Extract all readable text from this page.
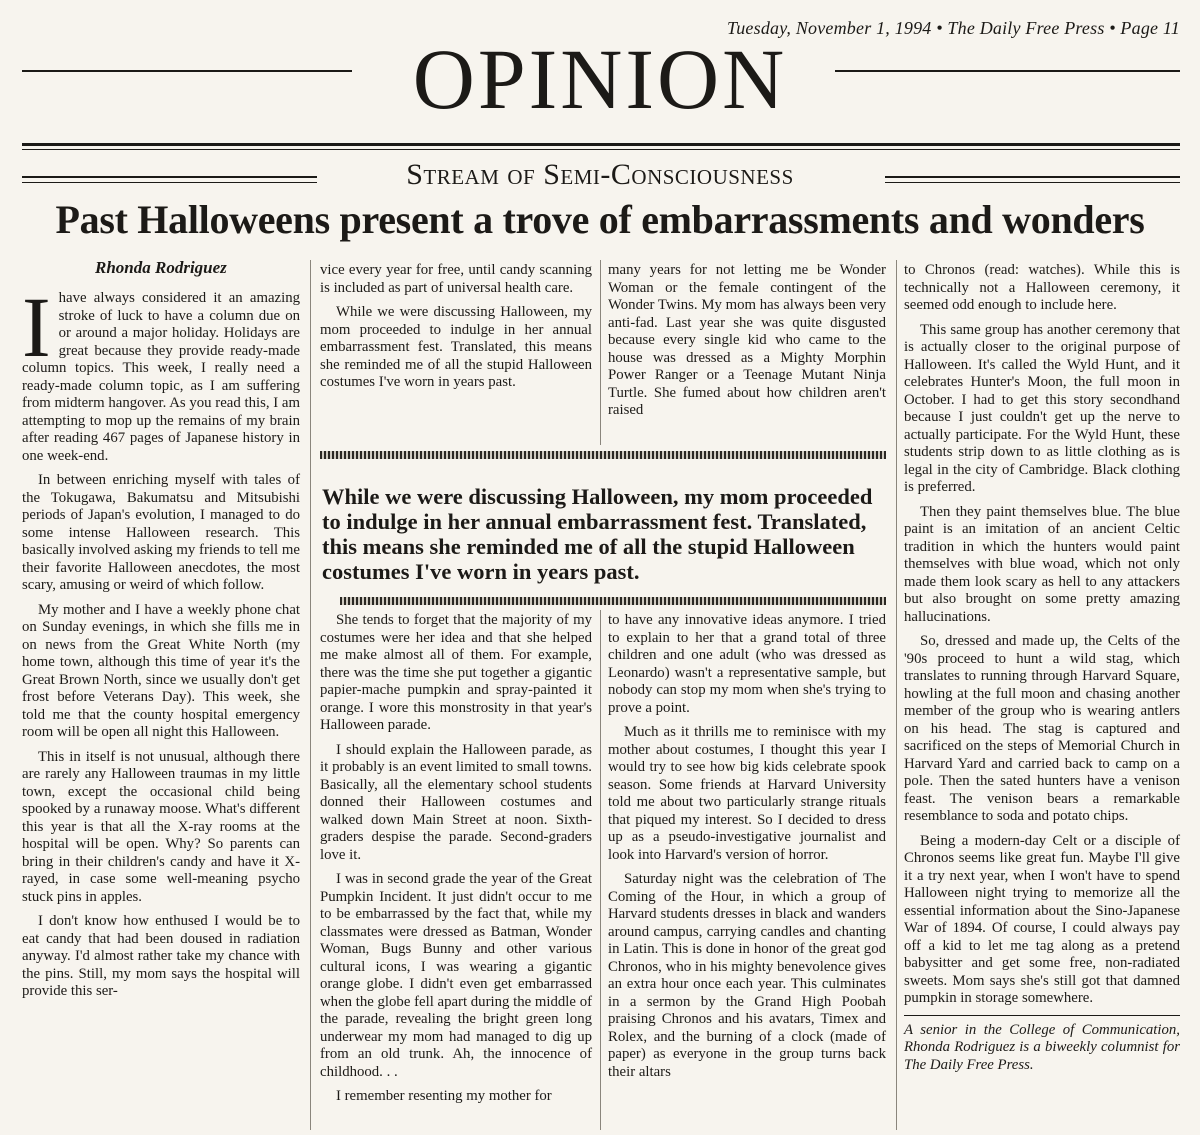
Tuesday, November 1, 1994 • The Daily Free Press • Page 11
OPINION
Stream of Semi-Consciousness
Past Halloweens present a trove of embarrassments and wonders
Rhonda Rodriguez

Ihave always considered it an amazing stroke of luck to have a column due on or around a major holiday. Holidays are great because they provide ready-made column topics. This week, I really need a ready-made column topic, as I am suffering from midterm hangover. As you read this, I am attempting to mop up the remains of my brain after reading 467 pages of Japanese history in one week-end.

In between enriching myself with tales of the Tokugawa, Bakumatsu and Mitsubishi periods of Japan's evolution, I managed to do some intense Halloween research. This basically involved asking my friends to tell me their favorite Halloween anecdotes, the most scary, amusing or weird of which follow.

My mother and I have a weekly phone chat on Sunday evenings, in which she fills me in on news from the Great White North (my home town, although this time of year it's the Great Brown North, since we usually don't get frost before Veterans Day). This week, she told me that the county hospital emergency room will be open all night this Halloween.

This in itself is not unusual, although there are rarely any Halloween traumas in my little town, except the occasional child being spooked by a runaway moose. What's different this year is that all the X-ray rooms at the hospital will be open. Why? So parents can bring in their children's candy and have it X-rayed, in case some well-meaning psycho stuck pins in apples.

I don't know how enthused I would be to eat candy that had been doused in radiation anyway. I'd almost rather take my chance with the pins. Still, my mom says the hospital will provide this ser-

vice every year for free, until candy scanning is included as part of universal health care.

While we were discussing Halloween, my mom proceeded to indulge in her annual embarrassment fest. Translated, this means she reminded me of all the stupid Halloween costumes I've worn in years past.

many years for not letting me be Wonder Woman or the female contingent of the Wonder Twins. My mom has always been very anti-fad. Last year she was quite disgusted because every single kid who came to the house was dressed as a Mighty Morphin Power Ranger or a Teenage Mutant Ninja Turtle. She fumed about how children aren't raised

While we were discussing Halloween, my mom proceeded to indulge in her annual embarrassment fest. Translated, this means she reminded me of all the stupid Halloween costumes I've worn in years past.

She tends to forget that the majority of my costumes were her idea and that she helped me make almost all of them. For example, there was the time she put together a gigantic papier-mache pumpkin and spray-painted it orange. I wore this monstrosity in that year's Halloween parade.

I should explain the Halloween parade, as it probably is an event limited to small towns. Basically, all the elementary school students donned their Halloween costumes and walked down Main Street at noon. Sixth-graders despise the parade. Second-graders love it.

I was in second grade the year of the Great Pumpkin Incident. It just didn't occur to me to be embarrassed by the fact that, while my classmates were dressed as Batman, Wonder Woman, Bugs Bunny and other various cultural icons, I was wearing a gigantic orange globe. I didn't even get embarrassed when the globe fell apart during the middle of the parade, revealing the bright green long underwear my mom had managed to dig up from an old trunk. Ah, the innocence of childhood. . .

I remember resenting my mother for

to have any innovative ideas anymore. I tried to explain to her that a grand total of three children and one adult (who was dressed as Leonardo) wasn't a representative sample, but nobody can stop my mom when she's trying to prove a point.

Much as it thrills me to reminisce with my mother about costumes, I thought this year I would try to see how big kids celebrate spook season. Some friends at Harvard University told me about two particularly strange rituals that piqued my interest. So I decided to dress up as a pseudo-investigative journalist and look into Harvard's version of horror.

Saturday night was the celebration of The Coming of the Hour, in which a group of Harvard students dresses in black and wanders around campus, carrying candles and chanting in Latin. This is done in honor of the great god Chronos, who in his mighty benevolence gives an extra hour once each year. This culminates in a sermon by the Grand High Poobah praising Chronos and his avatars, Timex and Rolex, and the burning of a clock (made of paper) as everyone in the group turns back their altars

to Chronos (read: watches). While this is technically not a Halloween ceremony, it seemed odd enough to include here.

This same group has another ceremony that is actually closer to the original purpose of Halloween. It's called the Wyld Hunt, and it celebrates Hunter's Moon, the full moon in October. I had to get this story secondhand because I just couldn't get up the nerve to actually participate. For the Wyld Hunt, these students strip down to as little clothing as is legal in the city of Cambridge. Black clothing is preferred.

Then they paint themselves blue. The blue paint is an imitation of an ancient Celtic tradition in which the hunters would paint themselves with blue woad, which not only made them look scary as hell to any attackers but also brought on some pretty amazing hallucinations.

So, dressed and made up, the Celts of the '90s proceed to hunt a wild stag, which translates to running through Harvard Square, howling at the full moon and chasing another member of the group who is wearing antlers on his head. The stag is captured and sacrificed on the steps of Memorial Church in Harvard Yard and carried back to camp on a pole. Then the sated hunters have a venison feast. The venison bears a remarkable resemblance to soda and potato chips.

Being a modern-day Celt or a disciple of Chronos seems like great fun. Maybe I'll give it a try next year, when I won't have to spend Halloween night trying to memorize all the essential information about the Sino-Japanese War of 1894. Of course, I could always pay off a kid to let me tag along as a pretend babysitter and get some free, non-radiated sweets. Mom says she's still got that damned pumpkin in storage somewhere.

A senior in the College of Communication, Rhonda Rodriguez is a biweekly columnist for The Daily Free Press.
